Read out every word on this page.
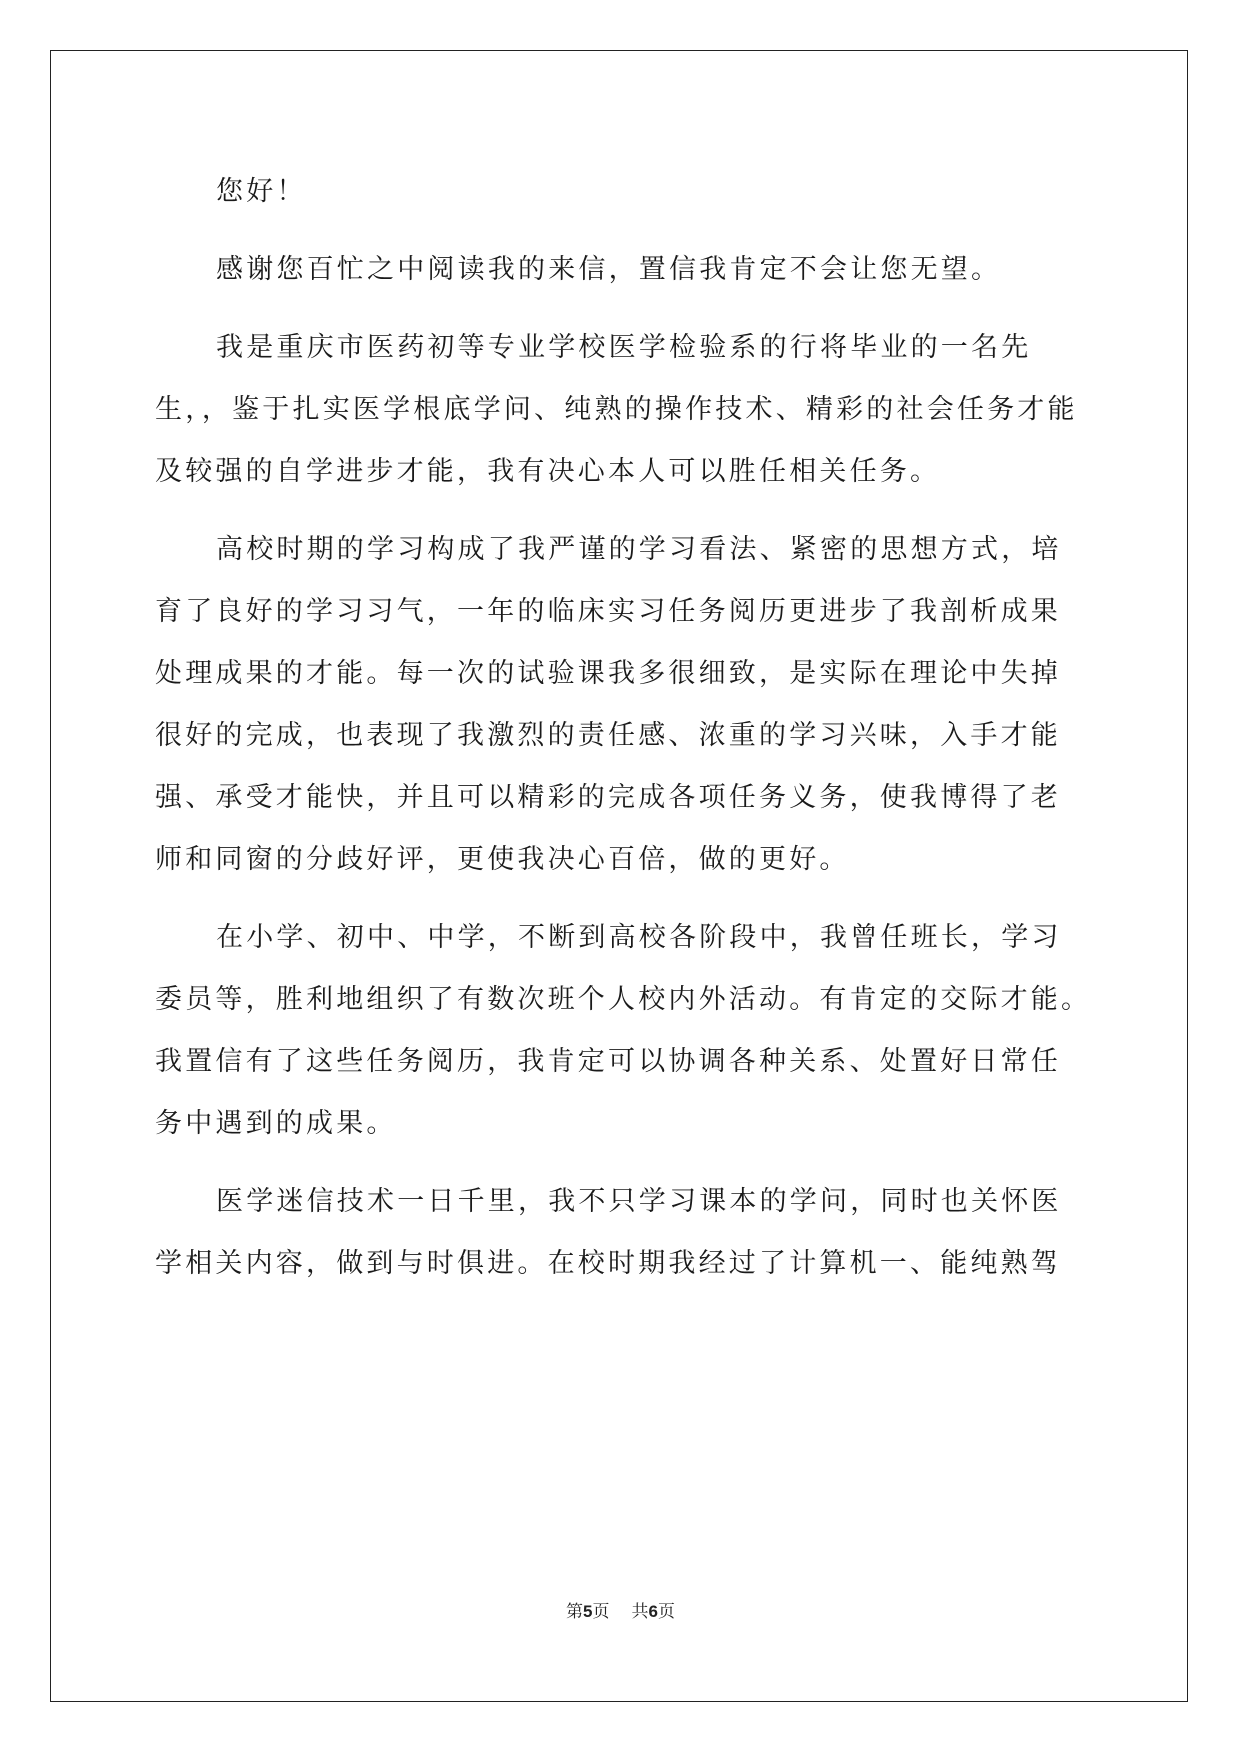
您好！
感谢您百忙之中阅读我的来信，置信我肯定不会让您无望。
我是重庆市医药初等专业学校医学检验系的行将毕业的一名先
生，，鉴于扎实医学根底学问、纯熟的操作技术、精彩的社会任务才能
及较强的自学进步才能，我有决心本人可以胜任相关任务。
高校时期的学习构成了我严谨的学习看法、紧密的思想方式，培
育了良好的学习习气，一年的临床实习任务阅历更进步了我剖析成果
处理成果的才能。每一次的试验课我多很细致，是实际在理论中失掉
很好的完成，也表现了我激烈的责任感、浓重的学习兴味，入手才能
强、承受才能快，并且可以精彩的完成各项任务义务，使我博得了老
师和同窗的分歧好评，更使我决心百倍，做的更好。
在小学、初中、中学，不断到高校各阶段中，我曾任班长，学习
委员等，胜利地组织了有数次班个人校内外活动。有肯定的交际才能。
我置信有了这些任务阅历，我肯定可以协调各种关系、处置好日常任
务中遇到的成果。
医学迷信技术一日千里，我不只学习课本的学问，同时也关怀医
学相关内容，做到与时俱进。在校时期我经过了计算机一、能纯熟驾
第5页 共6页
